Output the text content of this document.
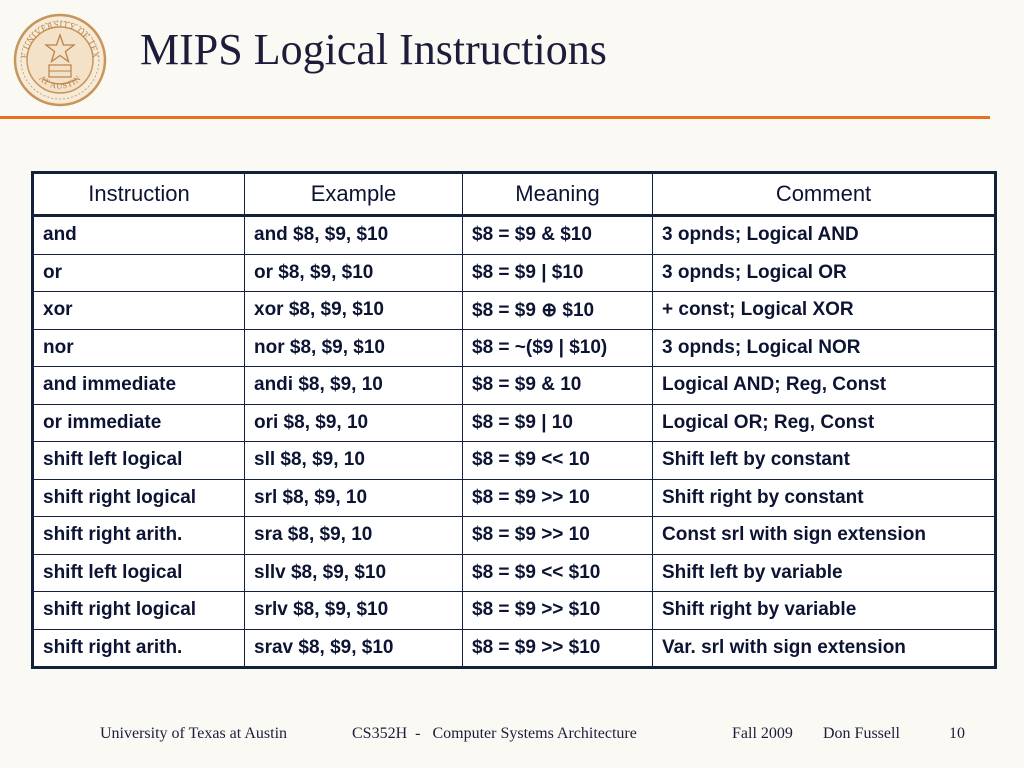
E UNIVERSITY OF TEX
AT AUSTIN
MIPS Logical Instructions
Instruction	Example	Meaning	Comment
and	and $8, $9, $10	$8 = $9 & $10	3 opnds; Logical AND
or	or $8, $9, $10	$8 = $9 | $10	3 opnds; Logical OR
xor	xor $8, $9, $10	$8 = $9 ⊕ $10	+ const; Logical XOR
nor	nor $8, $9, $10	$8 = ~($9 | $10)	3 opnds; Logical NOR
and immediate	andi $8, $9, 10	$8 = $9 & 10	Logical AND; Reg, Const
or immediate	ori $8, $9, 10	$8 = $9 | 10	Logical OR; Reg, Const
shift left logical	sll $8, $9, 10	$8 = $9 << 10	Shift left by constant
shift right logical	srl $8, $9, 10	$8 = $9 >> 10	Shift right by constant
shift right arith.	sra $8, $9, 10	$8 = $9 >> 10	Const srl with sign extension
shift left logical	sllv $8, $9, $10	$8 = $9 << $10	Shift left by variable
shift right logical	srlv $8, $9, $10	$8 = $9 >> $10	Shift right by variable
shift right arith.	srav $8, $9, $10	$8 = $9 >> $10	Var. srl with sign extension
University of Texas at Austin	CS352H  -   Computer Systems Architecture	Fall 2009 Don Fussell	10
